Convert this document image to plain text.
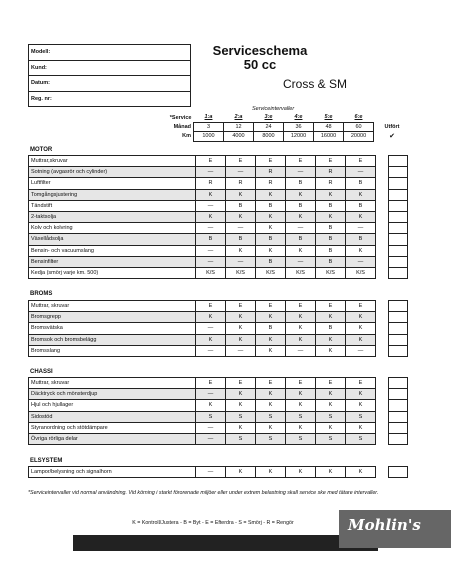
Modell:
Kund:
Datum:
Reg. nr:
Serviceschema
50 cc
Cross & SM
Serviceintervaller
*Service	1:a	2:a	3:e	4:e	5:e	6:e
Månad	3	12	24	36	48	60
Km	1000	4000	8000	12000	16000	20000
Utfört
✔
MOTOR
Muttrar,skruvar	E	E	E	E	E	E		
Sotning (avgasrör och cylinder)	—	—	R	—	R	—		
Luftfilter	R	R	R	B	R	B		
Tomgångsjustering	K	K	K	K	K	K		
Tändstift	—	B	B	B	B	B		
2-taktsolja	K	K	K	K	K	K		
Kolv och kolvring	—	—	K	—	B	—		
Växellådsolja	B	B	B	B	B	B		
Bensin- och vacuumslang	—	K	K	K	B	K		
Bensinfilter	—	—	B	—	B	—		
Kedja (smörj varje km. 500)	K/S	K/S	K/S	K/S	K/S	K/S		
BROMS
Muttrar, skruvar	E	E	E	E	E	E		
Bromsgrepp	K	K	K	K	K	K		
Bromsvätska	—	K	B	K	B	K		
Bromsok och bromsbelägg	K	K	K	K	K	K		
Bromsslang	—	—	K	—	K	—		
CHASSI
Muttrar, skruvar	E	E	E	E	E	E		
Däcktryck och mönsterdjup	—	K	K	K	K	K		
Hjul och hjullager	K	K	K	K	K	K		
Sidostöd	S	S	S	S	S	S		
Styranordning och stötdämpare	—	K	K	K	K	K		
Övriga rörliga delar	—	S	S	S	S	S		
ELSYSTEM
Lampor/belysning och signalhorn	—	K	K	K	K	K		
*Serviceintervaller vid normal användning. Vid körning i starkt förorenade miljöer eller under extrem belastning skall service ske med tätare intervaller.
K = Kontroll/Justera - B = Byt - E = Efterdra - S = Smörj - R = Rengör	Mohlin's
